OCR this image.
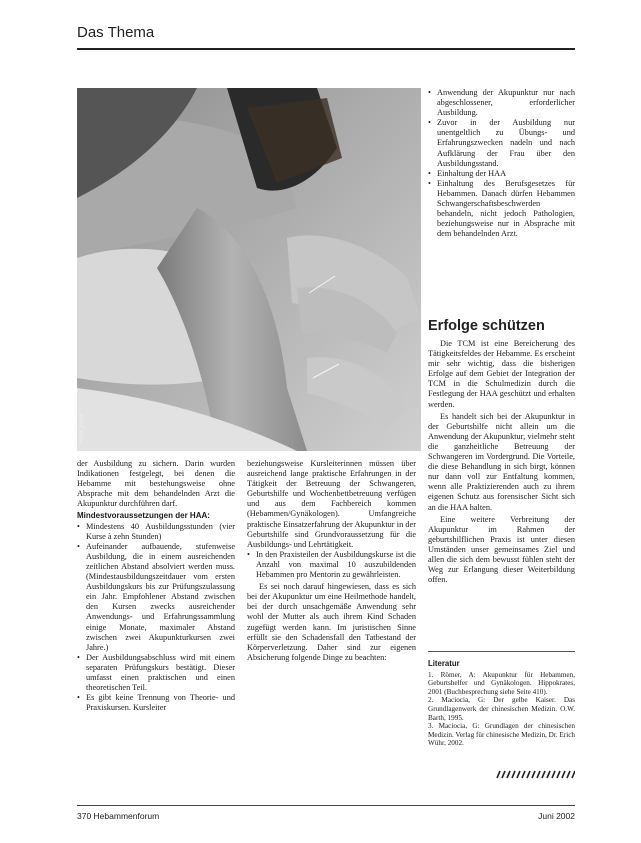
Das Thema
Foto: privat

der Ausbildung zu sichern. Darin wurden Indikationen festgelegt, bei denen die Hebamme mit bestehungsweise ohne Absprache mit dem behandelnden Arzt die Akupunktur durchführen darf.

Mindestvoraussetzungen der HAA:
• Mindestens 40 Ausbildungsstunden (vier Kurse à zehn Stunden)
• Aufeinander aufbauende, stufenweise Ausbildung, die in einem ausreichenden zeitlichen Abstand absolviert werden muss. (Mindestausbildungszeitdauer vom ersten Ausbildungskurs bis zur Prüfungszulassung ein Jahr. Empfohlener Abstand zwischen den Kursen zwecks ausreichender Anwendungs- und Erfahrungssammlung einige Monate, maximaler Abstand zwischen zwei Akupunkturkursen zwei Jahre.)
• Der Ausbildungsabschluss wird mit einem separaten Prüfungskurs bestätigt. Dieser umfasst einen praktischen und einen theoretischen Teil.
• Es gibt keine Trennung von Theorie- und Praxiskursen. Kursleiter

beziehungsweise Kursleiterinnen müssen über ausreichend lange praktische Erfahrungen in der Tätigkeit der Betreuung der Schwangeren, Geburtshilfe und Wochenbettbetreuung verfügen und aus dem Fachbereich kommen (Hebammen/Gynäkologen). Umfangreiche praktische Einsatzerfahrung der Akupunktur in der Geburtshilfe sind Grundvoraussetzung für die Ausbildungs- und Lehrtätigkeit.

• In den Praxisteilen der Ausbildungskurse ist die Anzahl von maximal 10 auszubildenden Hebammen pro Mentorin zu gewährleisten.

Es sei noch darauf hingewiesen, dass es sich bei der Akupunktur um eine Heilmethode handelt, bei der durch unsachgemäße Anwendung sehr wohl der Mutter als auch ihrem Kind Schaden zugefügt werden kann. Im juristischen Sinne erfüllt sie den Schadensfall den Tatbestand der Körperverletzung. Daher sind zur eigenen Absicherung folgende Dinge zu beachten:

• Anwendung der Akupunktur nur nach abgeschlossener, erforderlicher Ausbildung.
• Zuvor in der Ausbildung nur unentgeltlich zu Übungs- und Erfahrungszwecken nadeln und nach Aufklärung der Frau über den Ausbildungsstand.
• Einhaltung der HAA
• Einhaltung des Berufsgesetzes für Hebammen. Danach dürfen Hebammen Schwangerschaftsbeschwerden behandeln, nicht jedoch Pathologien, beziehungsweise nur in Absprache mit dem behandelnden Arzt.
Erfolge schützen

Die TCM ist eine Bereicherung des Tätigkeitsfeldes der Hebamme. Es erscheint mir sehr wichtig, dass die bisherigen Erfolge auf dem Gebiet der Integration der TCM in die Schulmedizin durch die Festlegung der HAA geschützt und erhalten werden.

Es handelt sich bei der Akupunktur in der Geburtshilfe nicht allein um die Anwendung der Akupunktur, vielmehr steht die ganzheitliche Betreuung der Schwangeren im Vordergrund. Die Vorteile, die diese Behandlung in sich birgt, können nur dann voll zur Entfaltung kommen, wenn alle Praktizierenden auch zu ihrem eigenen Schutz aus forensischer Sicht sich an die HAA halten.

Eine weitere Verbreitung der Akupunktur im Rahmen der geburtshilflichen Praxis ist unter diesen Umständen unser gemeinsames Ziel und allen die sich dem bewusst fühlen steht der Weg zur Erlangung dieser Weiterbildung offen.

Literatur

1. Römer, A: Akupunktur für Hebammen, Geburtshelfer und Gynäkologen. Hippokrates, 2001 (Buchbesprechung siehe Seite 410).

2. Maciocia, G: Der gelbe Kaiser. Das Grundlagenwerk der chinesischen Medizin. O.W. Barth, 1995.

3. Maciocia, G: Grundlagen der chinesischen Medizin. Verlag für chinesische Medizin, Dr. Erich Wühr, 2002.

370 Hebammenforum	Juni 2002
